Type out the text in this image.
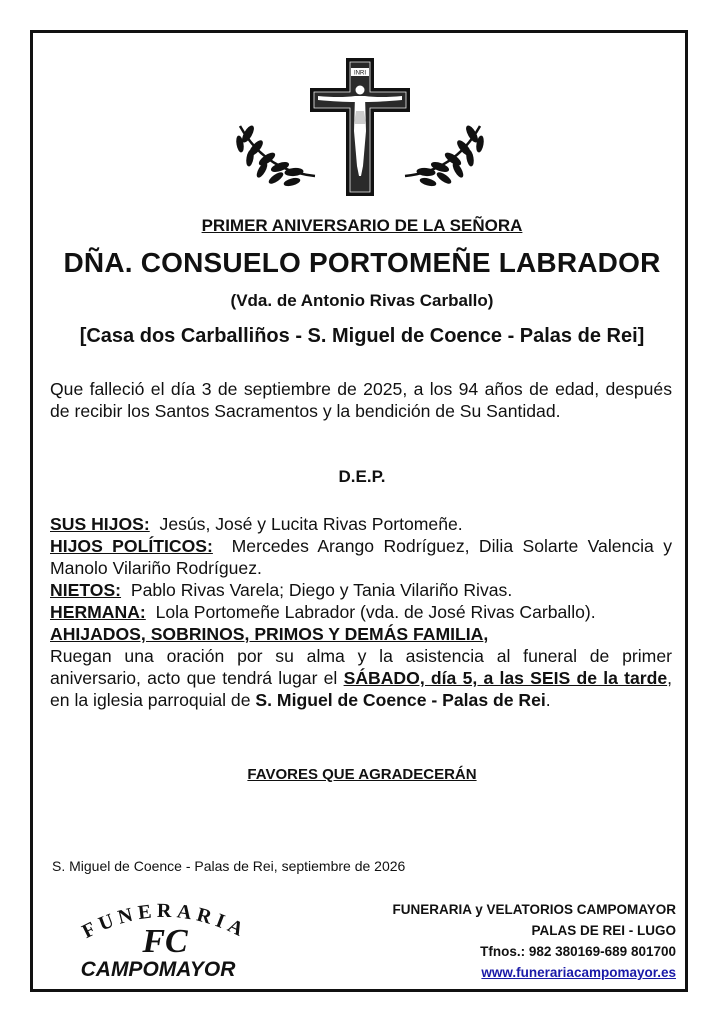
INRI
PRIMER ANIVERSARIO DE LA SEÑORA
DÑA. CONSUELO PORTOMEÑE LABRADOR
(Vda. de Antonio Rivas Carballo)
[Casa dos Carballiños - S. Miguel de Coence - Palas de Rei]
Que falleció el día 3 de septiembre de 2025, a los 94 años de edad, después de recibir los Santos Sacramentos y la bendición de Su Santidad.
D.E.P.

SUS HIJOS: Jesús, José y Lucita Rivas Portomeñe.

HIJOS POLÍTICOS: Mercedes Arango Rodríguez, Dilia Solarte Valencia y Manolo Vilariño Rodríguez.

NIETOS: Pablo Rivas Varela; Diego y Tania Vilariño Rivas.

HERMANA: Lola Portomeñe Labrador (vda. de José Rivas Carballo).

AHIJADOS, SOBRINOS, PRIMOS Y DEMÁS FAMILIA,

Ruegan una oración por su alma y la asistencia al funeral de primer aniversario, acto que tendrá lugar el SÁBADO, día 5, a las SEIS de la tarde, en la iglesia parroquial de S. Miguel de Coence - Palas de Rei.

FAVORES QUE AGRADECERÁN
S. Miguel de Coence - Palas de Rei, septiembre de 2026
FUNERARIA
FC
CAMPOMAYOR
FUNERARIA y VELATORIOS CAMPOMAYOR
PALAS DE REI - LUGO
Tfnos.: 982 380169-689 801700
www.funerariacampomayor.es
